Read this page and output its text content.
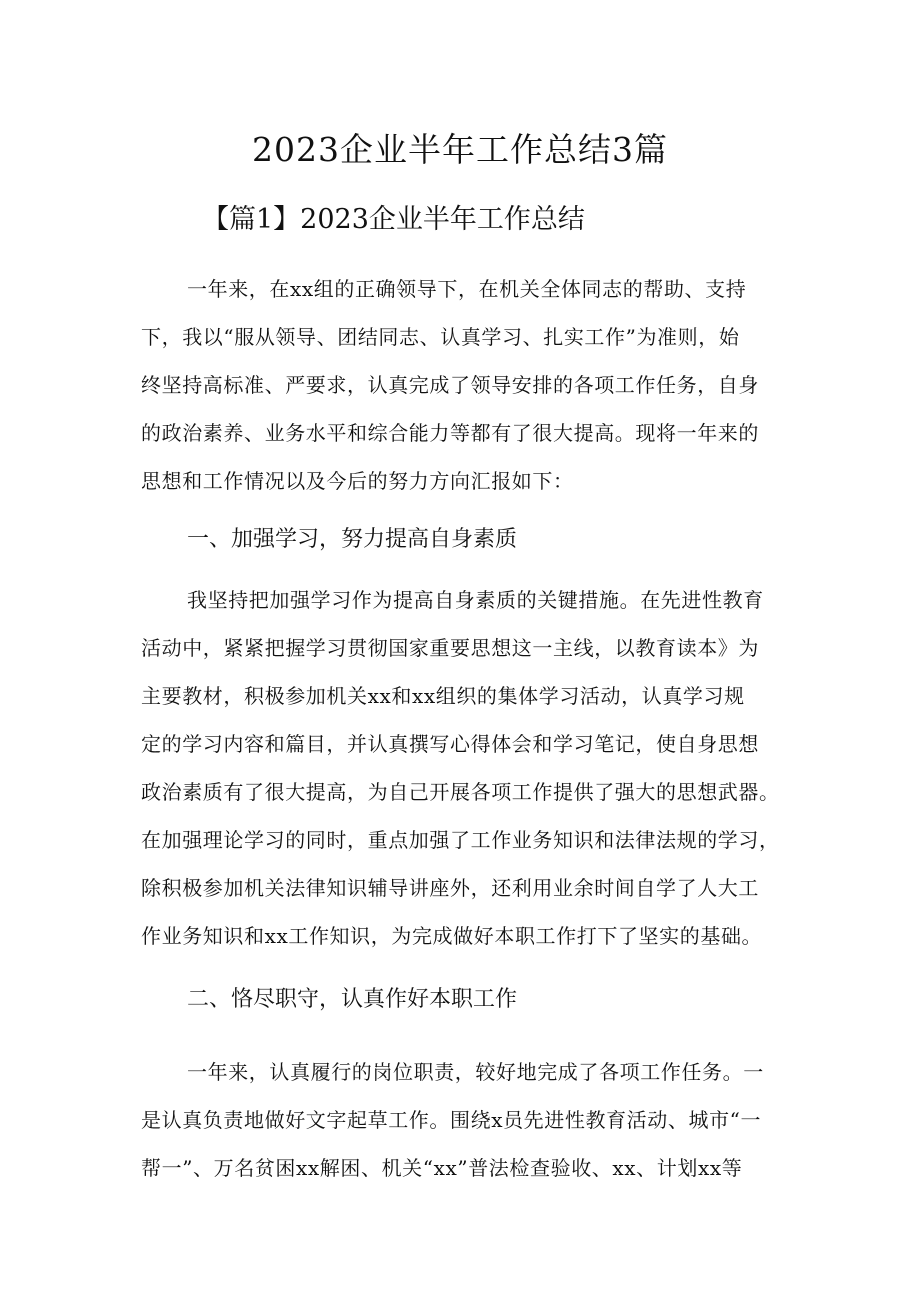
2023企业半年工作总结3篇
【篇1】2023企业半年工作总结
一年来，在xx组的正确领导下，在机关全体同志的帮助、支持
下，我以“服从领导、团结同志、认真学习、扎实工作”为准则，始
终坚持高标准、严要求，认真完成了领导安排的各项工作任务，自身
的政治素养、业务水平和综合能力等都有了很大提高。现将一年来的
思想和工作情况以及今后的努力方向汇报如下：
一、加强学习，努力提高自身素质
我坚持把加强学习作为提高自身素质的关键措施。在先进性教育
活动中，紧紧把握学习贯彻国家重要思想这一主线，以教育读本》为
主要教材，积极参加机关xx和xx组织的集体学习活动，认真学习规
定的学习内容和篇目，并认真撰写心得体会和学习笔记，使自身思想
政治素质有了很大提高，为自己开展各项工作提供了强大的思想武器。
在加强理论学习的同时，重点加强了工作业务知识和法律法规的学习，
除积极参加机关法律知识辅导讲座外，还利用业余时间自学了人大工
作业务知识和xx工作知识，为完成做好本职工作打下了坚实的基础。
二、恪尽职守，认真作好本职工作
一年来，认真履行的岗位职责，较好地完成了各项工作任务。一
是认真负责地做好文字起草工作。围绕x员先进性教育活动、城市“一
帮一”、万名贫困xx解困、机关“xx”普法检查验收、xx、计划xx等
